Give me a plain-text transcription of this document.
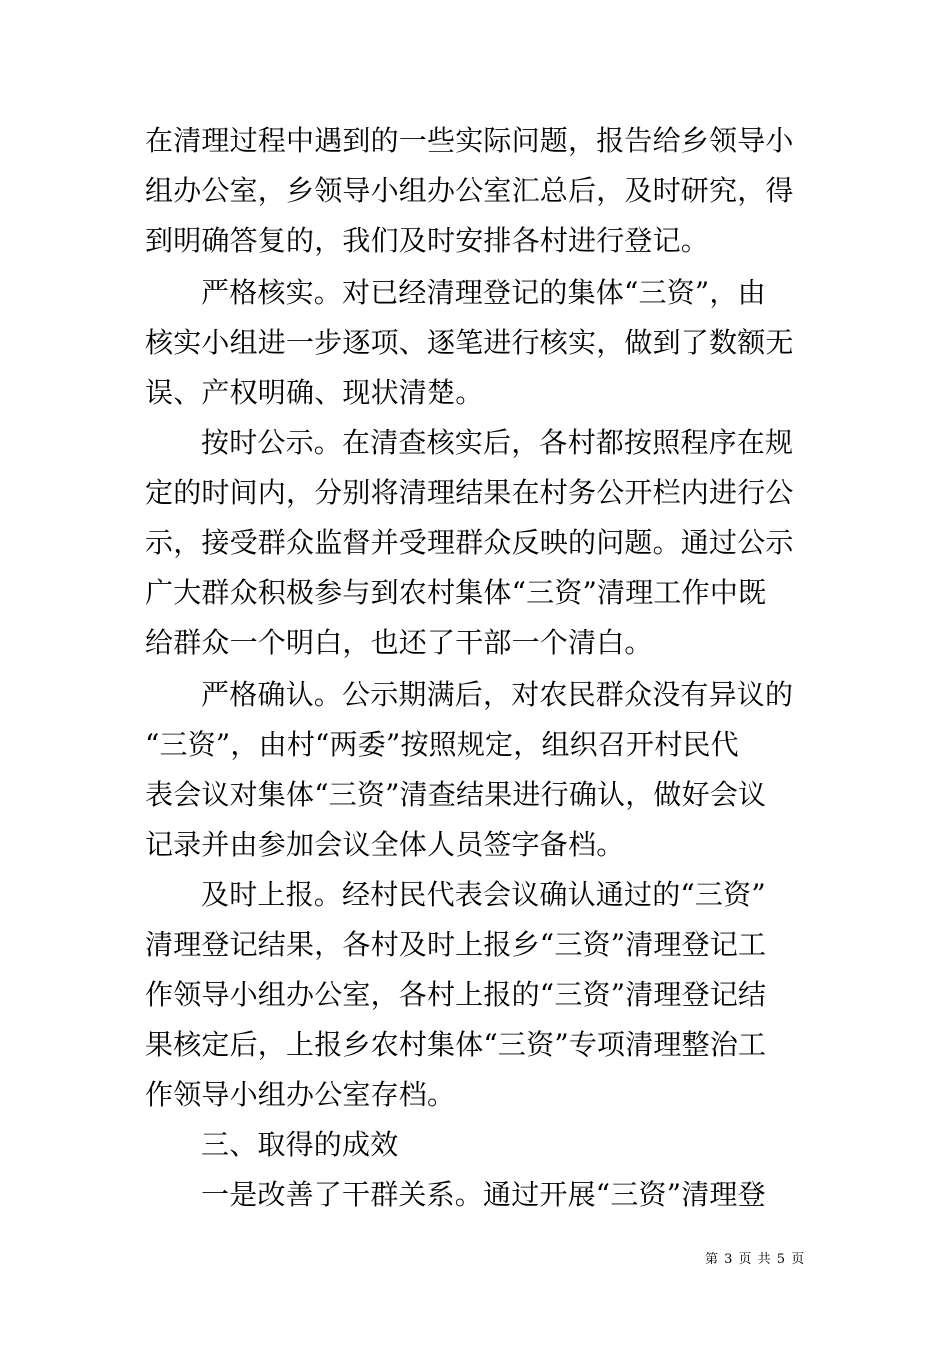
在清理过程中遇到的一些实际问题，报告给乡领导小
组办公室，乡领导小组办公室汇总后，及时研究，得
到明确答复的，我们及时安排各村进行登记。
严格核实。对已经清理登记的集体“三资”，由
核实小组进一步逐项、逐笔进行核实，做到了数额无
误、产权明确、现状清楚。
按时公示。在清查核实后，各村都按照程序在规
定的时间内，分别将清理结果在村务公开栏内进行公
示，接受群众监督并受理群众反映的问题。通过公示
广大群众积极参与到农村集体“三资”清理工作中既
给群众一个明白，也还了干部一个清白。
严格确认。公示期满后，对农民群众没有异议的
“三资”，由村“两委”按照规定，组织召开村民代
表会议对集体“三资”清查结果进行确认，做好会议
记录并由参加会议全体人员签字备档。
及时上报。经村民代表会议确认通过的“三资”
清理登记结果，各村及时上报乡“三资”清理登记工
作领导小组办公室，各村上报的“三资”清理登记结
果核定后，上报乡农村集体“三资”专项清理整治工
作领导小组办公室存档。
三、取得的成效
一是改善了干群关系。通过开展“三资”清理登
第 3 页 共 5 页
